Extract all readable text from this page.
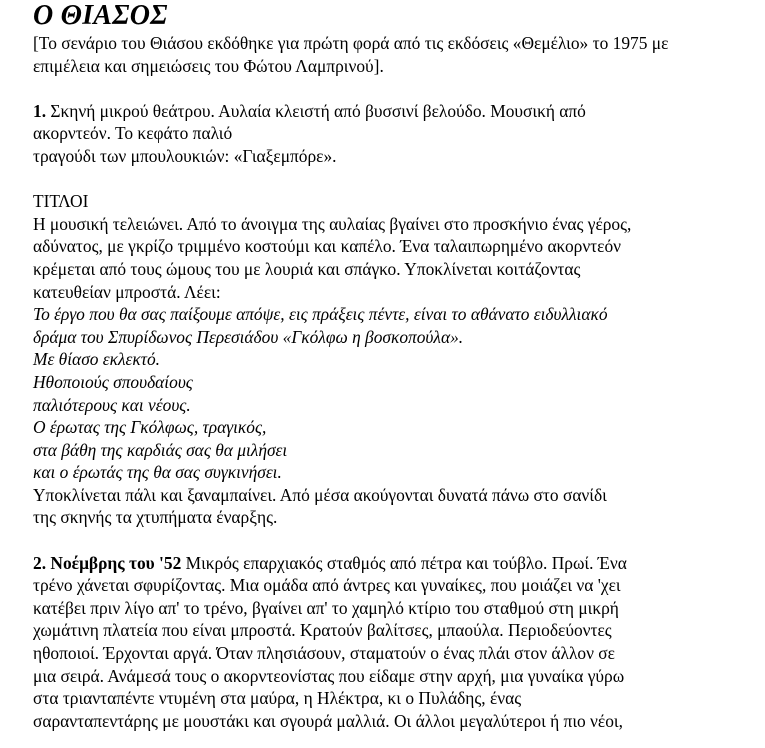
Ο ΘΙΑΣΟΣ

[Το σενάριο του Θιάσου εκδόθηκε για πρώτη φορά από τις εκδόσεις «Θεμέλιο» το 1975 με
επιμέλεια και σημειώσεις του Φώτου Λαμπρινού].

1. Σκηνή μικρού θεάτρου. Αυλαία κλειστή από βυσσινί βελούδο. Μουσική από
ακορντεόν. Το κεφάτο παλιό
τραγούδι των μπουλουκιών: «Γιαξεμπόρε».

ΤΙΤΛΟΙ
Η μουσική τελειώνει. Από το άνοιγμα της αυλαίας βγαίνει στο προσκήνιο ένας γέρος,
αδύνατος, με γκρίζο τριμμένο κοστούμι και καπέλο. Ένα ταλαιπωρημένο ακορντεόν
κρέμεται από τους ώμους του με λουριά και σπάγκο. Υποκλίνεται κοιτάζοντας
κατευθείαν μπροστά. Λέει:
Το έργο που θα σας παίξουμε απόψε, εις πράξεις πέντε, είναι το αθάνατο ειδυλλιακό
δράμα του Σπυρίδωνος Περεσιάδου «Γκόλφω η βοσκοπούλα».
Με θίασο εκλεκτό.
Ηθοποιούς σπουδαίους
παλιότερους και νέους.
Ο έρωτας της Γκόλφως, τραγικός,
στα βάθη της καρδιάς σας θα μιλήσει
και ο έρωτάς της θα σας συγκινήσει.
Υποκλίνεται πάλι και ξαναμπαίνει. Από μέσα ακούγονται δυνατά πάνω στο σανίδι
της σκηνής τα χτυπήματα έναρξης.

2. Νοέμβρης του '52 Μικρός επαρχιακός σταθμός από πέτρα και τούβλο. Πρωί. Ένα
τρένο χάνεται σφυρίζοντας. Μια ομάδα από άντρες και γυναίκες, που μοιάζει να 'χει
κατέβει πριν λίγο απ' το τρένο, βγαίνει απ' το χαμηλό κτίριο του σταθμού στη μικρή
χωμάτινη πλατεία που είναι μπροστά. Κρατούν βαλίτσες, μπαούλα. Περιοδεύοντες
ηθοποιοί. Έρχονται αργά. Όταν πλησιάσουν, σταματούν ο ένας πλάι στον άλλον σε
μια σειρά. Ανάμεσά τους ο ακορντεονίστας που είδαμε στην αρχή, μια γυναίκα γύρω
στα τριανταπέντε ντυμένη στα μαύρα, η Ηλέκτρα, κι ο Πυλάδης, ένας
σαρανταπεντάρης με μουστάκι και σγουρά μαλλιά. Οι άλλοι μεγαλύτεροι ή πιο νέοι,
